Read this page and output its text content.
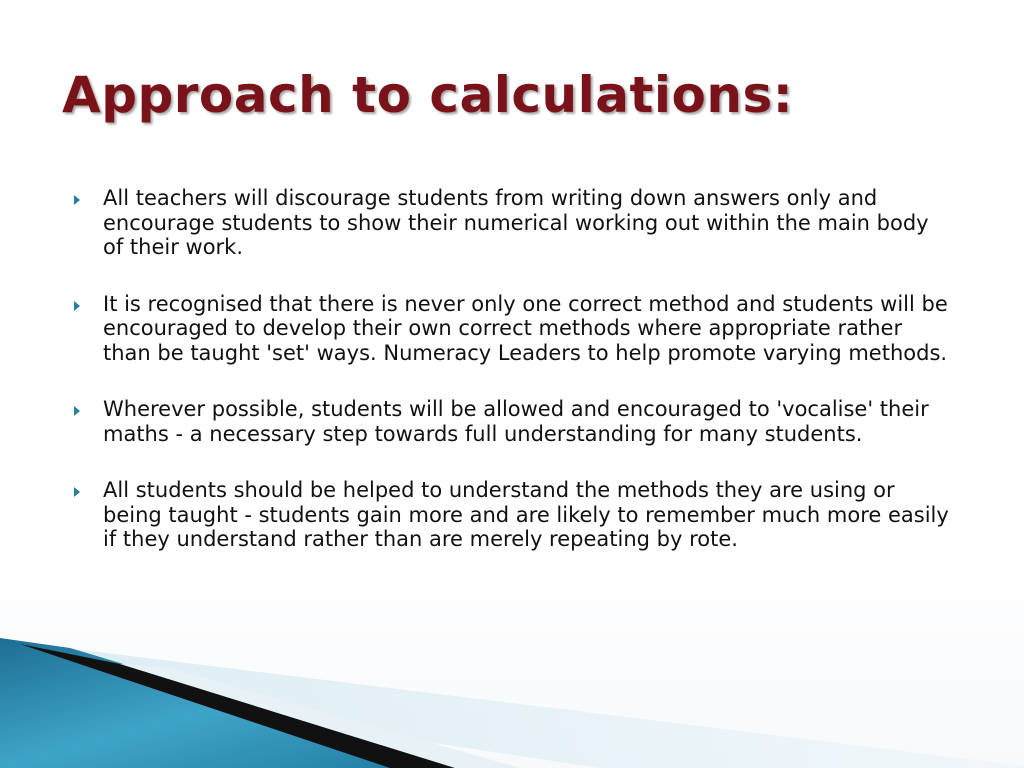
Approach to calculations:
All teachers will discourage students from writing down answers only and encourage students to show their numerical working out within the main body of their work.
It is recognised that there is never only one correct method and students will be encouraged to develop their own correct methods where appropriate rather than be taught 'set' ways. Numeracy Leaders to help promote varying methods.
Wherever possible, students will be allowed and encouraged to 'vocalise' their maths - a necessary step towards full understanding for many students.
All students should be helped to understand the methods they are using or being taught - students gain more and are likely to remember much more easily if they understand rather than are merely repeating by rote.
